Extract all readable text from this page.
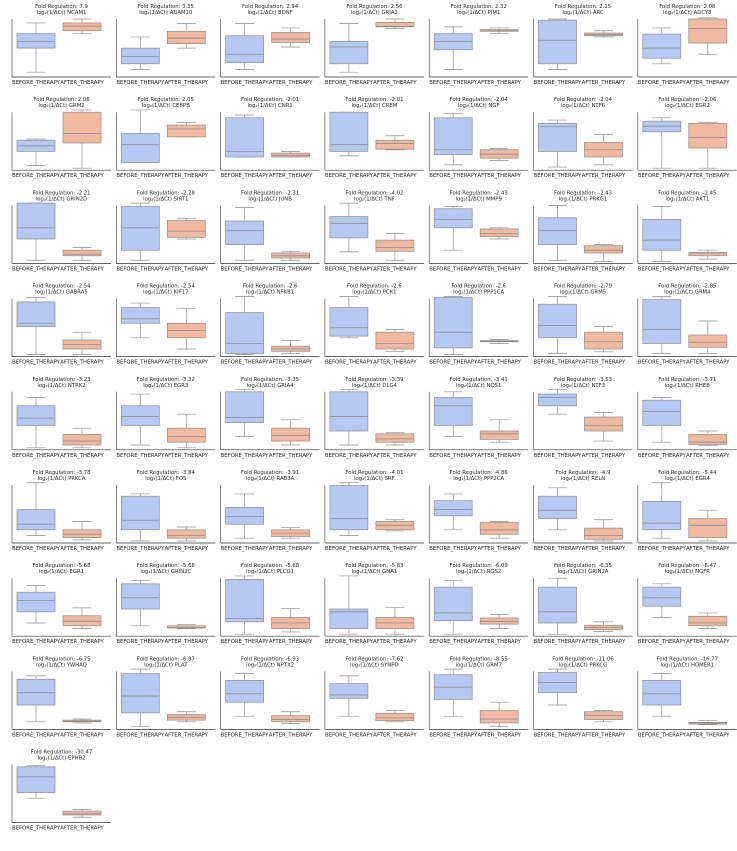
Fold Regulation: 7.9
log₂(1/ΔCt) NCAM1
BEFORE_THERAPY AFTER_THERAPY
Fold Regulation: 3.35
log₂(1/ΔCt) ADAM10
BEFORE_THERAPY AFTER_THERAPY
Fold Regulation: 2.94
log₂(1/ΔCt) BDNF
BEFORE_THERAPY AFTER_THERAPY
Fold Regulation: 2.56
log₂(1/ΔCt) GRIA2
BEFORE_THERAPY AFTER_THERAPY
Fold Regulation: 2.32
log₂(1/ΔCt) PIM1
BEFORE_THERAPY AFTER_THERAPY
Fold Regulation: 2.15
log₂(1/ΔCt) ARC
BEFORE_THERAPY AFTER_THERAPY
Fold Regulation: 2.08
log₂(1/ΔCt) ADCY8
BEFORE_THERAPY AFTER_THERAPY
Fold Regulation: 2.06
log₂(1/ΔCt) GRM2
BEFORE_THERAPY AFTER_THERAPY
Fold Regulation: 2.05
log₂(1/ΔCt) CEBPB
BEFORE_THERAPY AFTER_THERAPY
Fold Regulation: -2.01
log₂(1/ΔCt) CNR1
BEFORE_THERAPY AFTER_THERAPY
Fold Regulation: -2.01
log₂(1/ΔCt) CREM
BEFORE_THERAPY AFTER_THERAPY
Fold Regulation: -2.04
log₂(1/ΔCt) NGF
BEFORE_THERAPY AFTER_THERAPY
Fold Regulation: -2.04
log₂(1/ΔCt) NTF6
BEFORE_THERAPY AFTER_THERAPY
Fold Regulation: -2.06
log₂(1/ΔCt) EGR2
BEFORE_THERAPY AFTER_THERAPY
Fold Regulation: -2.21
log₂(1/ΔCt) GRIN2D
BEFORE_THERAPY AFTER_THERAPY
Fold Regulation: -2.28
log₂(1/ΔCt) SIRT1
BEFORE_THERAPY AFTER_THERAPY
Fold Regulation: -2.31
log₂(1/ΔCt) JUNB
BEFORE_THERAPY AFTER_THERAPY
Fold Regulation: -4.02
log₂(1/ΔCt) TNF
BEFORE_THERAPY AFTER_THERAPY
Fold Regulation: -2.43
log₂(1/ΔCt) MMP9
BEFORE_THERAPY AFTER_THERAPY
Fold Regulation: -2.43
log₂(1/ΔCt) PRKG1
BEFORE_THERAPY AFTER_THERAPY
Fold Regulation: -2.45
log₂(1/ΔCt) AKT1
BEFORE_THERAPY AFTER_THERAPY
Fold Regulation: -2.54
log₂(1/ΔCt) GABRA5
BEFORE_THERAPY AFTER_THERAPY
Fold Regulation: -2.54
log₂(1/ΔCt) KIF17
BEFORE_THERAPY AFTER_THERAPY
Fold Regulation: -2.6
log₂(1/ΔCt) NFKB1
BEFORE_THERAPY AFTER_THERAPY
Fold Regulation: -2.6
log₂(1/ΔCt) PCK1
BEFORE_THERAPY AFTER_THERAPY
Fold Regulation: -2.6
log₂(1/ΔCt) PPP1CA
BEFORE_THERAPY AFTER_THERAPY
Fold Regulation: -2.79
log₂(1/ΔCt) GRM5
BEFORE_THERAPY AFTER_THERAPY
Fold Regulation: -2.85
log₂(1/ΔCt) GRM4
BEFORE_THERAPY AFTER_THERAPY
Fold Regulation: -3.23
log₂(1/ΔCt) NTRK2
BEFORE_THERAPY AFTER_THERAPY
Fold Regulation: -3.32
log₂(1/ΔCt) EGR3
BEFORE_THERAPY AFTER_THERAPY
Fold Regulation: -3.35
log₂(1/ΔCt) GRIA4
BEFORE_THERAPY AFTER_THERAPY
Fold Regulation: -3.39
log₂(1/ΔCt) DLG4
BEFORE_THERAPY AFTER_THERAPY
Fold Regulation: -3.41
log₂(1/ΔCt) NOS1
BEFORE_THERAPY AFTER_THERAPY
Fold Regulation: -3.53
log₂(1/ΔCt) NTF3
BEFORE_THERAPY AFTER_THERAPY
Fold Regulation: -3.71
log₂(1/ΔCt) RHEB
BEFORE_THERAPY AFTER_THERAPY
Fold Regulation: -3.78
log₂(1/ΔCt) PRKCA
BEFORE_THERAPY AFTER_THERAPY
Fold Regulation: -3.84
log₂(1/ΔCt) FOS
BEFORE_THERAPY AFTER_THERAPY
Fold Regulation: -3.91
log₂(1/ΔCt) RAB3A
BEFORE_THERAPY AFTER_THERAPY
Fold Regulation: -4.01
log₂(1/ΔCt) SRF
BEFORE_THERAPY AFTER_THERAPY
Fold Regulation: -4.86
log₂(1/ΔCt) PPP2CA
BEFORE_THERAPY AFTER_THERAPY
Fold Regulation: -4.9
log₂(1/ΔCt) RELN
BEFORE_THERAPY AFTER_THERAPY
Fold Regulation: -5.44
log₂(1/ΔCt) EGR4
BEFORE_THERAPY AFTER_THERAPY
Fold Regulation: -5.68
log₂(1/ΔCt) EGR1
BEFORE_THERAPY AFTER_THERAPY
Fold Regulation: -5.68
log₂(1/ΔCt) GRIN2C
BEFORE_THERAPY AFTER_THERAPY
Fold Regulation: -5.68
log₂(1/ΔCt) PLCG1
BEFORE_THERAPY AFTER_THERAPY
Fold Regulation: -5.83
log₂(1/ΔCt) GNA1
BEFORE_THERAPY AFTER_THERAPY
Fold Regulation: -6.09
log₂(1/ΔCt) RGS2
BEFORE_THERAPY AFTER_THERAPY
Fold Regulation: -6.35
log₂(1/ΔCt) GRIN2A
BEFORE_THERAPY AFTER_THERAPY
Fold Regulation: -6.47
log₂(1/ΔCt) NGFR
BEFORE_THERAPY AFTER_THERAPY
Fold Regulation: -6.75
log₂(1/ΔCt) YWHAQ
BEFORE_THERAPY AFTER_THERAPY
Fold Regulation: -6.87
log₂(1/ΔCt) PLAT
BEFORE_THERAPY AFTER_THERAPY
Fold Regulation: -6.93
log₂(1/ΔCt) NPTX2
BEFORE_THERAPY AFTER_THERAPY
Fold Regulation: -7.62
log₂(1/ΔCt) SYNPO
BEFORE_THERAPY AFTER_THERAPY
Fold Regulation: -8.55
log₂(1/ΔCt) GRM7
BEFORE_THERAPY AFTER_THERAPY
Fold Regulation: -11.06
log₂(1/ΔCt) PRKCG
BEFORE_THERAPY AFTER_THERAPY
Fold Regulation: -16.77
log₂(1/ΔCt) HOMER1
BEFORE_THERAPY AFTER_THERAPY
Fold Regulation: -30.47
log₂(1/ΔCt) EPHB2
BEFORE_THERAPY AFTER_THERAPY
